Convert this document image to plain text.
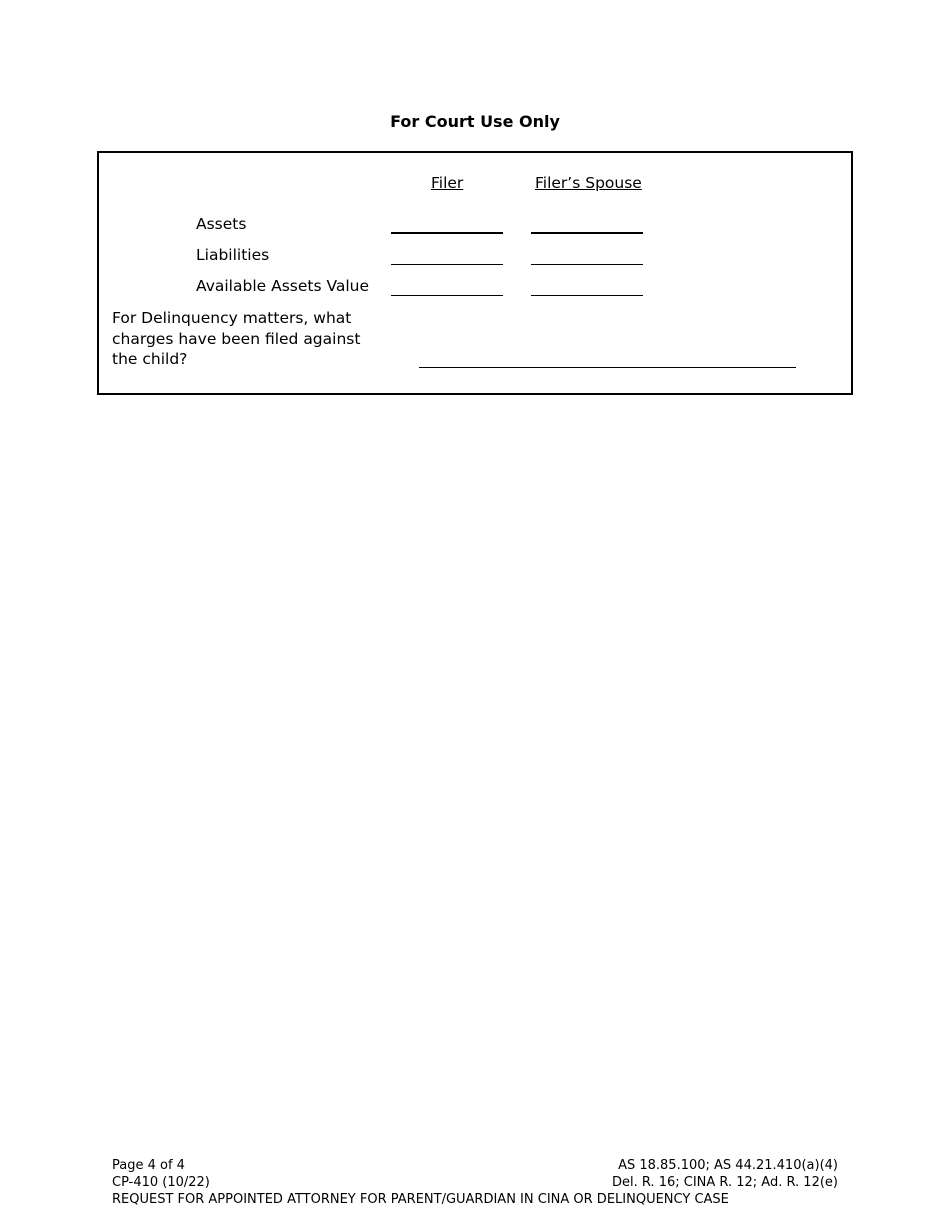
For Court Use Only
Filer	Filer’s Spouse
Assets
Liabilities
Available Assets Value
For Delinquency matters, what charges have been filed against the child?
Page 4 of 4
CP-410 (10/22)
REQUEST FOR APPOINTED ATTORNEY FOR PARENT/GUARDIAN IN CINA OR DELINQUENCY CASE
AS 18.85.100; AS 44.21.410(a)(4)
Del. R. 16; CINA R. 12; Ad. R. 12(e)
